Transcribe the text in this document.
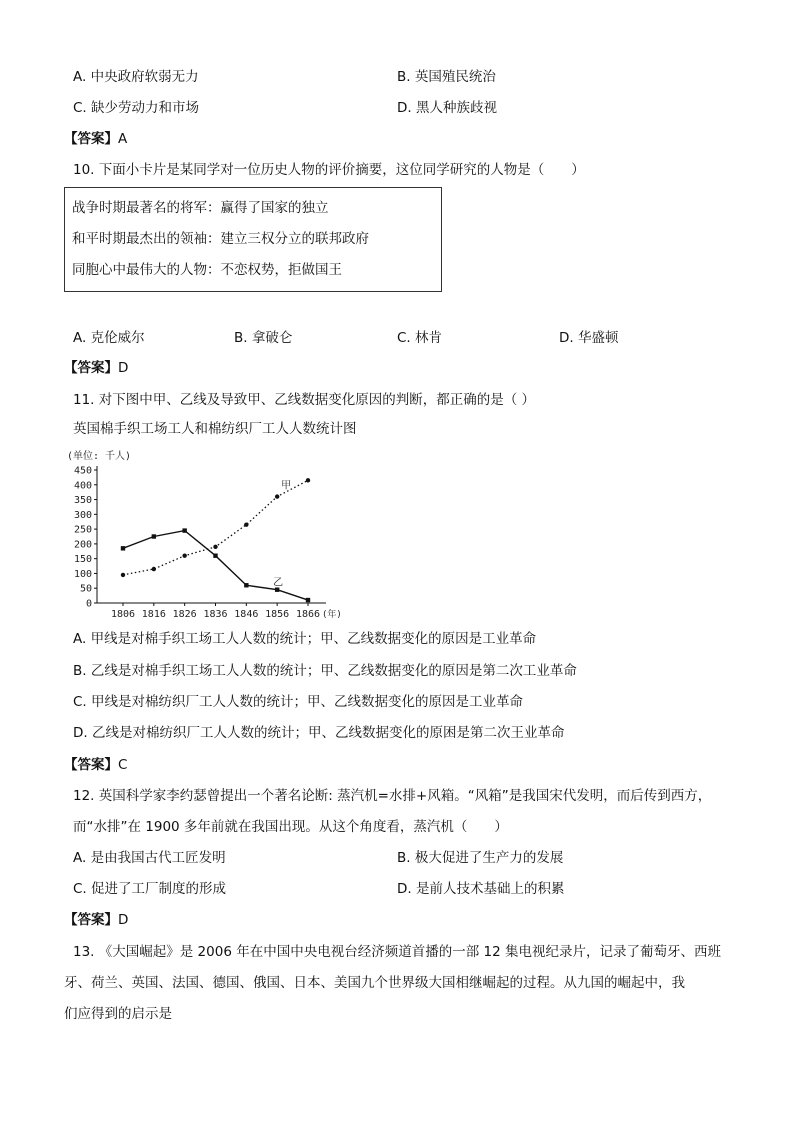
A. 中央政府软弱无力	B. 英国殖民统治
C. 缺少劳动力和市场	D. 黑人种族歧视
【答案】A
10. 下面小卡片是某同学对一位历史人物的评价摘要，这位同学研究的人物是（　　）
战争时期最著名的将军：赢得了国家的独立
和平时期最杰出的领袖：建立三权分立的联邦政府
同胞心中最伟大的人物：不恋权势，拒做国王
A. 克伦威尔	B. 拿破仑	C. 林肯	D. 华盛顿
【答案】D
11. 对下图中甲、乙线及导致甲、乙线数据变化原因的判断，都正确的是（ ）
英国棉手织工场工人和棉纺织厂工人人数统计图
(单位: 千人)
0
50
100
150
200
250
300
350
400
450
1806 1816 1826 1836 1846 1856 1866 (年)
甲
乙
A. 甲线是对棉手织工场工人人数的统计；甲、乙线数据变化的原因是工业革命
B. 乙线是对棉手织工场工人人数的统计；甲、乙线数据变化的原因是第二次工业革命
C. 甲线是对棉纺织厂工人人数的统计；甲、乙线数据变化的原因是工业革命
D. 乙线是对棉纺织厂工人人数的统计；甲、乙线数据变化的原困是第二次王业革命
【答案】C
12. 英国科学家李约瑟曾提出一个著名论断: 蒸汽机=水排+风箱。“风箱”是我国宋代发明，而后传到西方，
而“水排”在 1900 多年前就在我国出现。从这个角度看，蒸汽机（　　）
A. 是由我国古代工匠发明	B. 极大促进了生产力的发展
C. 促进了工厂制度的形成	D. 是前人技术基础上的积累
【答案】D
13. 《大国崛起》是 2006 年在中国中央电视台经济频道首播的一部 12 集电视纪录片，记录了葡萄牙、西班
牙、荷兰、英国、法国、德国、俄国、日本、美国九个世界级大国相继崛起的过程。从九国的崛起中，我
们应得到的启示是
